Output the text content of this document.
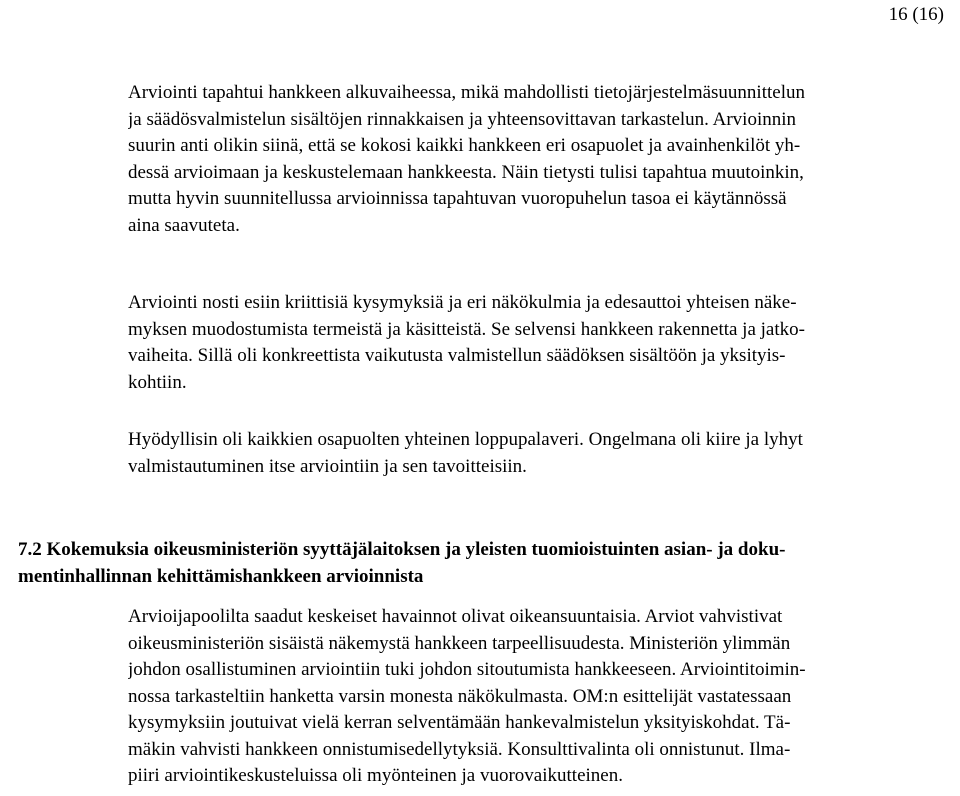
16 (16)

Arviointi tapahtui hankkeen alkuvaiheessa, mikä mahdollisti tietojärjestelmäsuunnittelun
ja säädösvalmistelun sisältöjen rinnakkaisen ja yhteensovittavan tarkastelun. Arvioinnin
suurin anti olikin siinä, että se kokosi kaikki hankkeen eri osapuolet ja avainhenkilöt yh-
dessä arvioimaan ja keskustelemaan hankkeesta. Näin tietysti tulisi tapahtua muutoinkin,
mutta hyvin suunnitellussa arvioinnissa tapahtuvan vuoropuhelun tasoa ei käytännössä
aina saavuteta.

Arviointi nosti esiin kriittisiä kysymyksiä ja eri näkökulmia ja edesauttoi yhteisen näke-
myksen muodostumista termeistä ja käsitteistä. Se selvensi hankkeen rakennetta ja jatko-
vaiheita. Sillä oli konkreettista vaikutusta valmistellun säädöksen sisältöön ja yksityis-
kohtiin.

Hyödyllisin oli kaikkien osapuolten yhteinen loppupalaveri. Ongelmana oli kiire ja lyhyt
valmistautuminen itse arviointiin ja sen tavoitteisiin.

7.2 Kokemuksia oikeusministeriön syyttäjälaitoksen ja yleisten tuomioistuinten asian- ja doku-
mentinhallinnan kehittämishankkeen arvioinnista

Arvioijapoolilta saadut keskeiset havainnot olivat oikeansuuntaisia. Arviot vahvistivat
oikeusministeriön sisäistä näkemystä hankkeen tarpeellisuudesta. Ministeriön ylimmän
johdon osallistuminen arviointiin tuki johdon sitoutumista hankkeeseen. Arviointitoimin-
nossa tarkasteltiin hanketta varsin monesta näkökulmasta. OM:n esittelijät vastatessaan
kysymyksiin joutuivat vielä kerran selventämään hankevalmistelun yksityiskohdat. Tä-
mäkin vahvisti hankkeen onnistumisedellytyksiä. Konsulttivalinta oli onnistunut. Ilma-
piiri arviointikeskusteluissa oli myönteinen ja vuorovaikutteinen.
